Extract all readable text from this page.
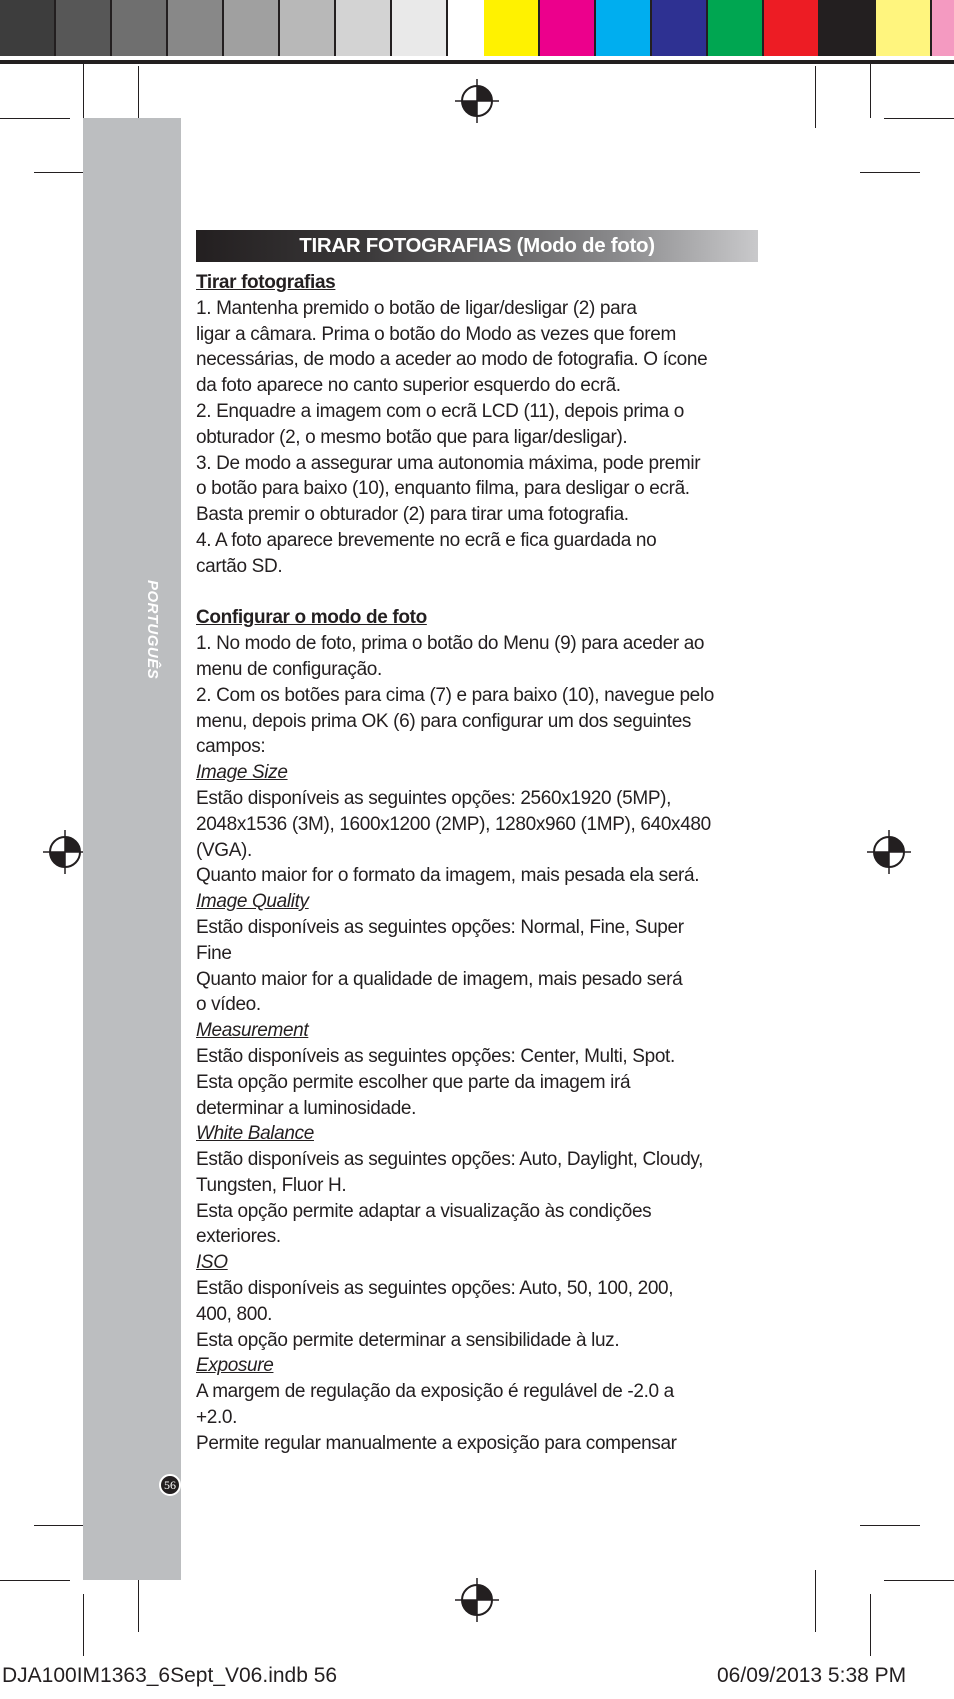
PORTUGUÊS
56
TIRAR FOTOGRAFIAS (Modo de foto)
Tirar fotografias
1. Mantenha premido o botão de ligar/desligar (2) para
ligar a câmara. Prima o botão do Modo as vezes que forem
necessárias, de modo a aceder ao modo de fotografia. O ícone
da foto aparece no canto superior esquerdo do ecrã.
2. Enquadre a imagem com o ecrã LCD (11), depois prima o
obturador (2, o mesmo botão que para ligar/desligar).
3. De modo a assegurar uma autonomia máxima, pode premir
o botão para baixo (10), enquanto filma, para desligar o ecrã.
Basta premir o obturador (2) para tirar uma fotografia.
4. A foto aparece brevemente no ecrã e fica guardada no
cartão SD.
Configurar o modo de foto
1. No modo de foto, prima o botão do Menu (9) para aceder ao
menu de configuração.
2. Com os botões para cima (7) e para baixo (10), navegue pelo
menu, depois prima OK (6) para configurar um dos seguintes
campos:
Image Size
Estão disponíveis as seguintes opções: 2560x1920 (5MP),
2048x1536 (3M), 1600x1200 (2MP), 1280x960 (1MP), 640x480
(VGA).
Quanto maior for o formato da imagem, mais pesada ela será.
Image Quality
Estão disponíveis as seguintes opções: Normal, Fine, Super
Fine
Quanto maior for a qualidade de imagem, mais pesado será
o vídeo.
Measurement
Estão disponíveis as seguintes opções: Center, Multi, Spot.
Esta opção permite escolher que parte da imagem irá
determinar a luminosidade.
White Balance
Estão disponíveis as seguintes opções: Auto, Daylight, Cloudy,
Tungsten, Fluor H.
Esta opção permite adaptar a visualização às condições
exteriores.
ISO
Estão disponíveis as seguintes opções: Auto, 50, 100, 200,
400, 800.
Esta opção permite determinar a sensibilidade à luz.
Exposure
A margem de regulação da exposição é regulável de -2.0 a
+2.0.
Permite regular manualmente a exposição para compensar
DJA100IM1363_6Sept_V06.indb 56	06/09/2013 5:38 PM
